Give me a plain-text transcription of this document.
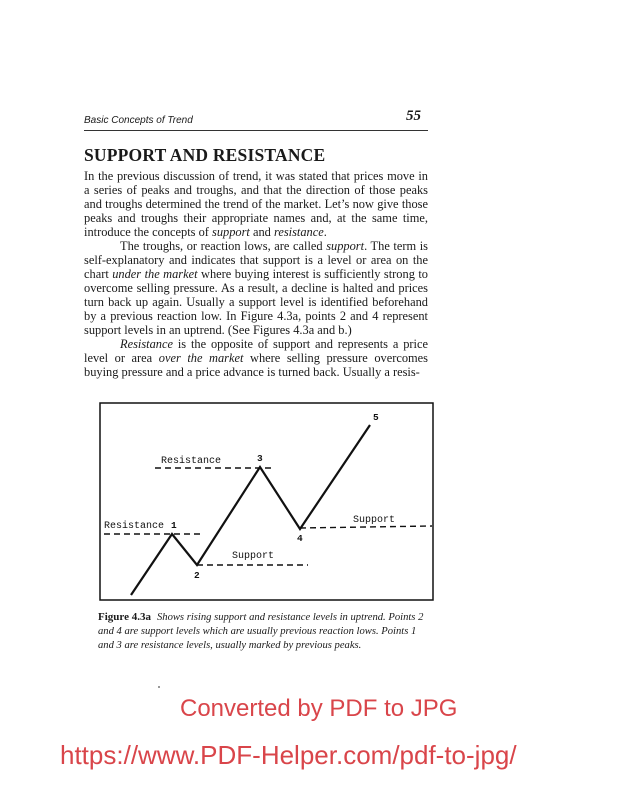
Basic Concepts of Trend	55
SUPPORT AND RESISTANCE

In the previous discussion of trend, it was stated that prices move in a series of peaks and troughs, and that the direction of those peaks and troughs determined the trend of the market. Let’s now give those peaks and troughs their appropriate names and, at the same time, introduce the concepts of support and resistance.

The troughs, or reaction lows, are called support. The term is self-explanatory and indicates that support is a level or area on the chart under the market where buying interest is sufficiently strong to overcome selling pressure. As a result, a decline is halted and prices turn back up again. Usually a support level is identified beforehand by a previous reaction low. In Figure 4.3a, points 2 and 4 represent support levels in an uptrend. (See Figures 4.3a and b.)

Resistance is the opposite of support and represents a price level or area over the market where selling pressure overcomes buying pressure and a price advance is turned back. Usually a resis-

Resistance
Resistance
Support
Support
1
2
3
4
5
Figure 4.3a Shows rising support and resistance levels in uptrend. Points 2 and 4 are support levels which are usually previous reaction lows. Points 1 and 3 are resistance levels, usually marked by previous peaks.
Converted by PDF to JPG
https://www.PDF-Helper.com/pdf-to-jpg/
